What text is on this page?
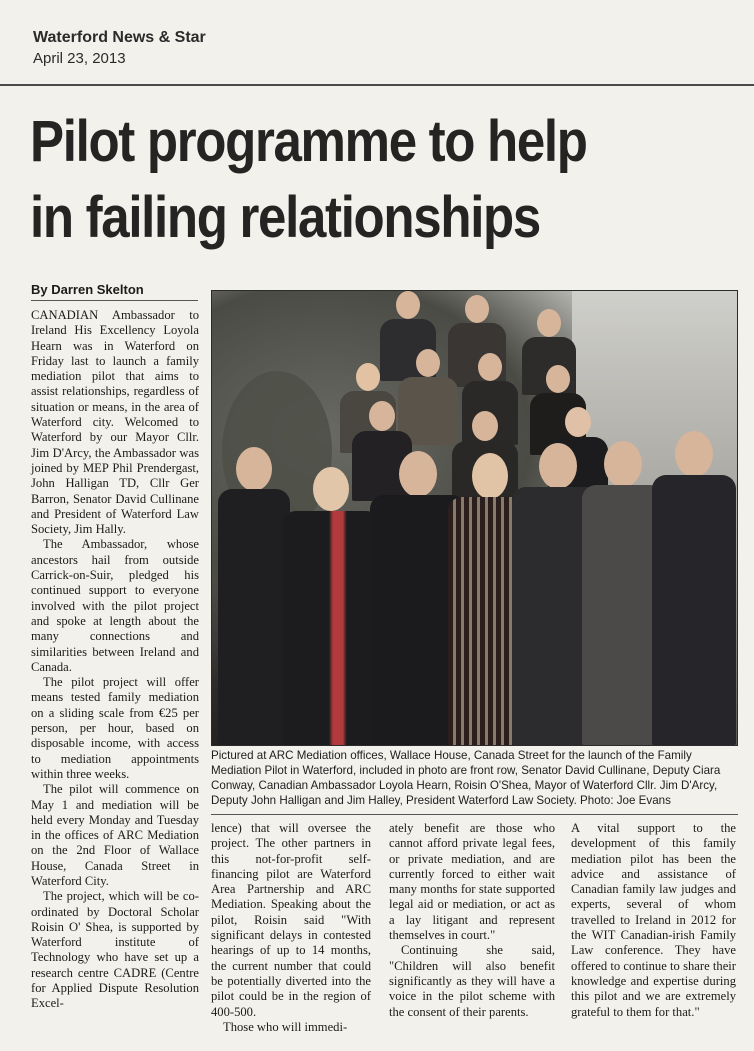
Waterford News & Star
April 23, 2013
Pilot programme to help
in failing relationships
By Darren Skelton

CANADIAN Ambassador to Ireland His Excellency Loyola Hearn was in Waterford on Friday last to launch a family mediation pilot that aims to assist relationships, regardless of situation or means, in the area of Waterford city. Welcomed to Waterford by our Mayor Cllr. Jim D'Arcy, the Ambassador was joined by MEP Phil Prendergast, John Halligan TD, Cllr Ger Barron, Senator David Cullinane and President of Waterford Law Society, Jim Hally.

The Ambassador, whose ancestors hail from outside Carrick-on-Suir, pledged his continued support to everyone involved with the pilot project and spoke at length about the many connections and similarities between Ireland and Canada.

The pilot project will offer means tested family mediation on a sliding scale from €25 per person, per hour, based on disposable income, with access to mediation appointments within three weeks.

The pilot will commence on May 1 and mediation will be held every Monday and Tuesday in the offices of ARC Mediation on the 2nd Floor of Wallace House, Canada Street in Waterford City.

The project, which will be co-ordinated by Doctoral Scholar Roisin O' Shea, is supported by Waterford institute of Technology who have set up a research centre CADRE (Centre for Applied Dispute Resolution Excel-

Pictured at ARC Mediation offices, Wallace House, Canada Street for the launch of the Family Mediation Pilot in Waterford, included in photo are front row, Senator David Cullinane, Deputy Ciara Conway, Canadian Ambassador Loyola Hearn, Roisin O'Shea, Mayor of Waterford Cllr. Jim D'Arcy, Deputy John Halligan and Jim Halley, President Waterford Law Society. Photo: Joe Evans

lence) that will oversee the project. The other partners in this not-for-profit self-financing pilot are Waterford Area Partnership and ARC Mediation. Speaking about the pilot, Roisin said "With significant delays in contested hearings of up to 14 months, the current number that could be potentially diverted into the pilot could be in the region of 400-500.

Those who will immedi-

ately benefit are those who cannot afford private legal fees, or private mediation, and are currently forced to either wait many months for state supported legal aid or mediation, or act as a lay litigant and represent themselves in court."

Continuing she said, "Children will also benefit significantly as they will have a voice in the pilot scheme with the consent of their parents.

A vital support to the development of this family mediation pilot has been the advice and assistance of Canadian family law judges and experts, several of whom travelled to Ireland in 2012 for the WIT Canadian-irish Family Law conference. They have offered to continue to share their knowledge and expertise during this pilot and we are extremely grateful to them for that."
